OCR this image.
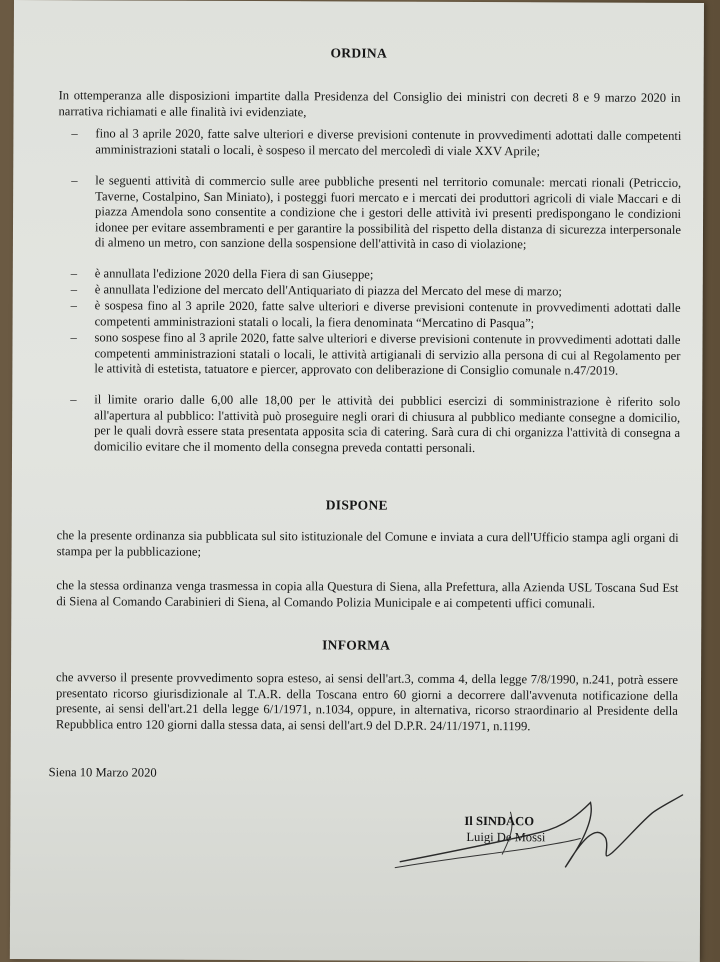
ORDINA
In ottemperanza alle disposizioni impartite dalla Presidenza del Consiglio dei ministri con decreti 8 e 9 marzo 2020 in narrativa richiamati e alle finalità ivi evidenziate,
– fino al 3 aprile 2020, fatte salve ulteriori e diverse previsioni contenute in provvedimenti adottati dalle competenti amministrazioni statali o locali, è sospeso il mercato del mercoledì di viale XXV Aprile;
– le seguenti attività di commercio sulle aree pubbliche presenti nel territorio comunale: mercati rionali (Petriccio, Taverne, Costalpino, San Miniato), i posteggi fuori mercato e i mercati dei produttori agricoli di viale Maccari e di piazza Amendola sono consentite a condizione che i gestori delle attività ivi presenti predispongano le condizioni idonee per evitare assembramenti e per garantire la possibilità del rispetto della distanza di sicurezza interpersonale di almeno un metro, con sanzione della sospensione dell'attività in caso di violazione;
– è annullata l'edizione 2020 della Fiera di san Giuseppe;
– è annullata l'edizione del mercato dell'Antiquariato di piazza del Mercato del mese di marzo;
– è sospesa fino al 3 aprile 2020, fatte salve ulteriori e diverse previsioni contenute in provvedimenti adottati dalle competenti amministrazioni statali o locali, la fiera denominata “Mercatino di Pasqua”;
– sono sospese fino al 3 aprile 2020, fatte salve ulteriori e diverse previsioni contenute in provvedimenti adottati dalle competenti amministrazioni statali o locali, le attività artigianali di servizio alla persona di cui al Regolamento per le attività di estetista, tatuatore e piercer, approvato con deliberazione di Consiglio comunale n.47/2019.
– il limite orario dalle 6,00 alle 18,00 per le attività dei pubblici esercizi di somministrazione è riferito solo all'apertura al pubblico: l'attività può proseguire negli orari di chiusura al pubblico mediante consegne a domicilio, per le quali dovrà essere stata presentata apposita scia di catering. Sarà cura di chi organizza l'attività di consegna a domicilio evitare che il momento della consegna preveda contatti personali.
DISPONE
che la presente ordinanza sia pubblicata sul sito istituzionale del Comune e inviata a cura dell'Ufficio stampa agli organi di stampa per la pubblicazione;
che la stessa ordinanza venga trasmessa in copia alla Questura di Siena, alla Prefettura, alla Azienda USL Toscana Sud Est di Siena al Comando Carabinieri di Siena, al Comando Polizia Municipale e ai competenti uffici comunali.
INFORMA
che avverso il presente provvedimento sopra esteso, ai sensi dell'art.3, comma 4, della legge 7/8/1990, n.241, potrà essere presentato ricorso giurisdizionale al T.A.R. della Toscana entro 60 giorni a decorrere dall'avvenuta notificazione della presente, ai sensi dell'art.21 della legge 6/1/1971, n.1034, oppure, in alternativa, ricorso straordinario al Presidente della Repubblica entro 120 giorni dalla stessa data, ai sensi dell'art.9 del D.P.R. 24/11/1971, n.1199.
Siena 10 Marzo 2020
Il SINDACO
Luigi De Mossi
